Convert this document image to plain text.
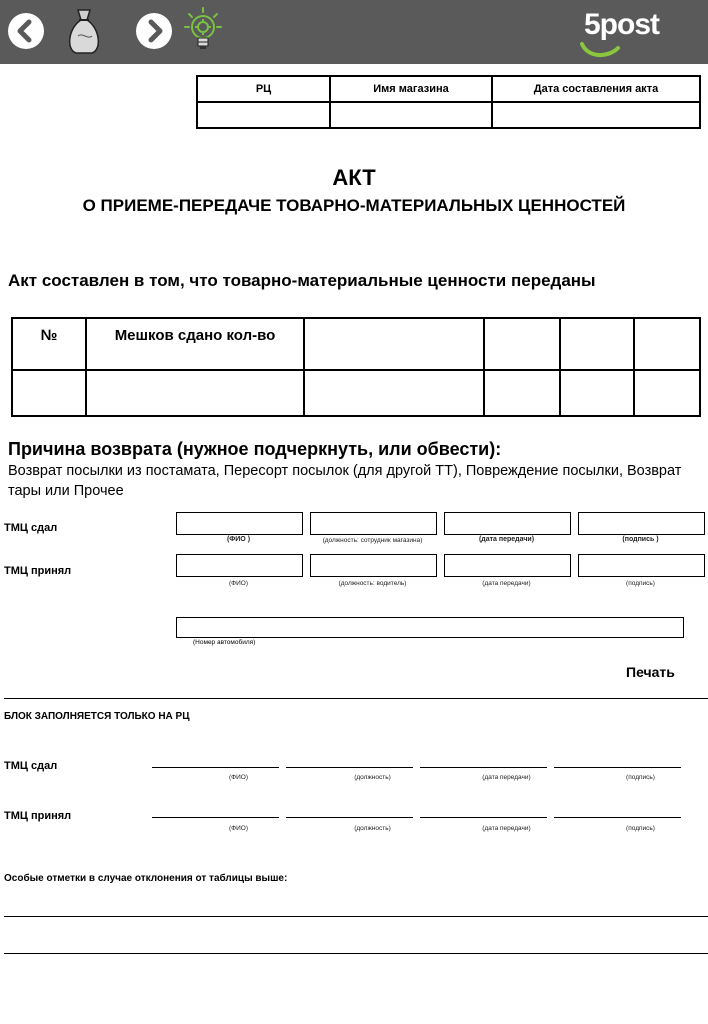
5post
РЦ	Имя магазина	Дата составления акта

АКТ
О ПРИЕМЕ-ПЕРЕДАЧЕ ТОВАРНО-МАТЕРИАЛЬНЫХ ЦЕННОСТЕЙ
Акт составлен в том, что товарно-материальные ценности переданы
№	Мешков сдано кол-во				

Причина возврата (нужное подчеркнуть, или обвести):
Возврат посылки из постамата, Пересорт посылок (для другой ТТ), Повреждение посылки, Возврат тары или Прочее
ТМЦ сдал
(ФИО )	(должность: сотрудник магазина)	(дата передачи)	(подпись )
ТМЦ принял
(ФИО)	(должность: водитель)	(дата передачи)	(подпись)
(Номер автомобиля)
Печать
БЛОК ЗАПОЛНЯЕТСЯ ТОЛЬКО НА РЦ
ТМЦ сдал
(ФИО)	(должность)	(дата передачи)	(подпись)
ТМЦ принял
(ФИО)	(должность)	(дата передачи)	(подпись)
Особые отметки в случае отклонения от таблицы выше:
